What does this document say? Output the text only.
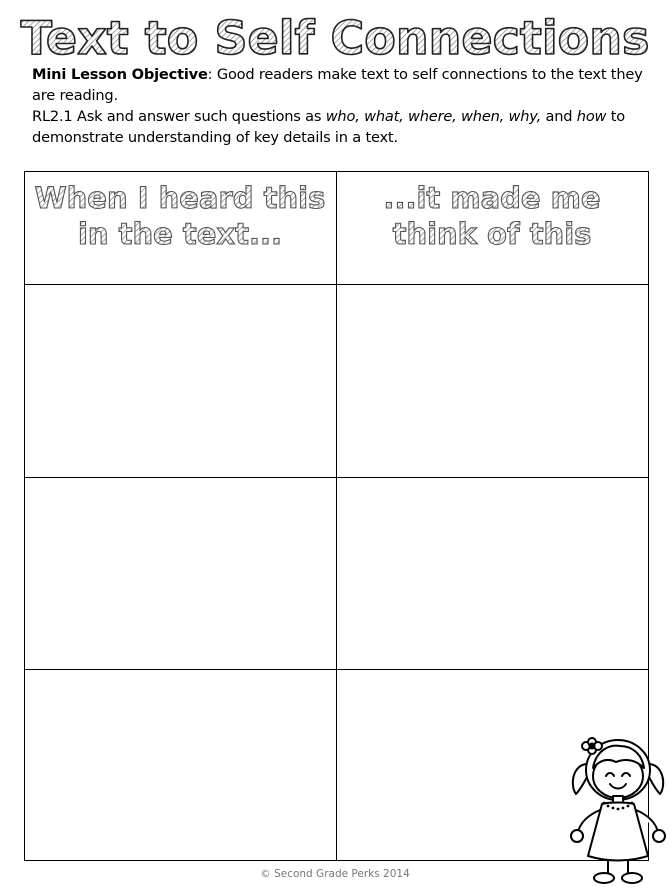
Text to Self Connections

Mini Lesson Objective: Good readers make text to self connections to the text they are reading.

RL2.1 Ask and answer such questions as who, what, where, when, why, and how to demonstrate understanding of key details in a text.

When I heard this
in the text...
...it made me
think of this
© Second Grade Perks 2014
